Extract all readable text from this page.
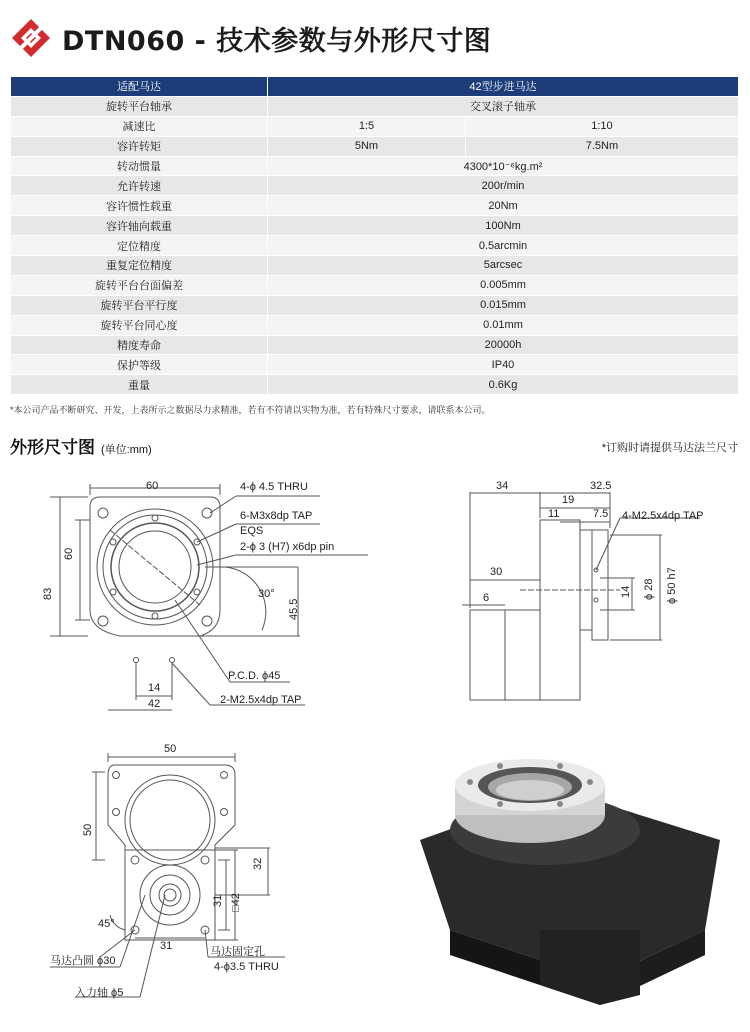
DTN060 - 技术参数与外形尺寸图
适配马达	42型步进马达	
旋转平台轴承	交叉滚子轴承	
减速比	1:5	1:10
容许转矩	5Nm	7.5Nm
转动惯量	4300*10⁻⁶kg.m²	
允许转速	200r/min	
容许惯性载重	20Nm	
容许轴向载重	100Nm	
定位精度	0.5arcmin	
重复定位精度	5arcsec	
旋转平台台面偏差	0.005mm	
旋转平台平行度	0.015mm	
旋转平台同心度	0.01mm	
精度寿命	20000h	
保护等级	IP40	
重量	0.6Kg	
*本公司产品不断研究、开发，上表所示之数据尽力求精准，若有不符请以实物为准，若有特殊尺寸要求，请联系本公司。
外形尺寸图 (单位:mm)	*订购时请提供马达法兰尺寸
60
60
83
14
42
45.5
30°
4-ϕ 4.5 THRU
6-M3x8dp TAP
EQS
2-ϕ 3 (H7) x6dp pin
P.C.D. ϕ45
2-M2.5x4dp TAP
34	32.5
19
11	7.5
30
6	14 ϕ 28 ϕ 50 h7
4-M2.5x4dp TAP
50
50
32
31 □42
31
45°
马达凸圆 ϕ30
马达固定孔
4-ϕ3.5 THRU
入力轴 ϕ5
